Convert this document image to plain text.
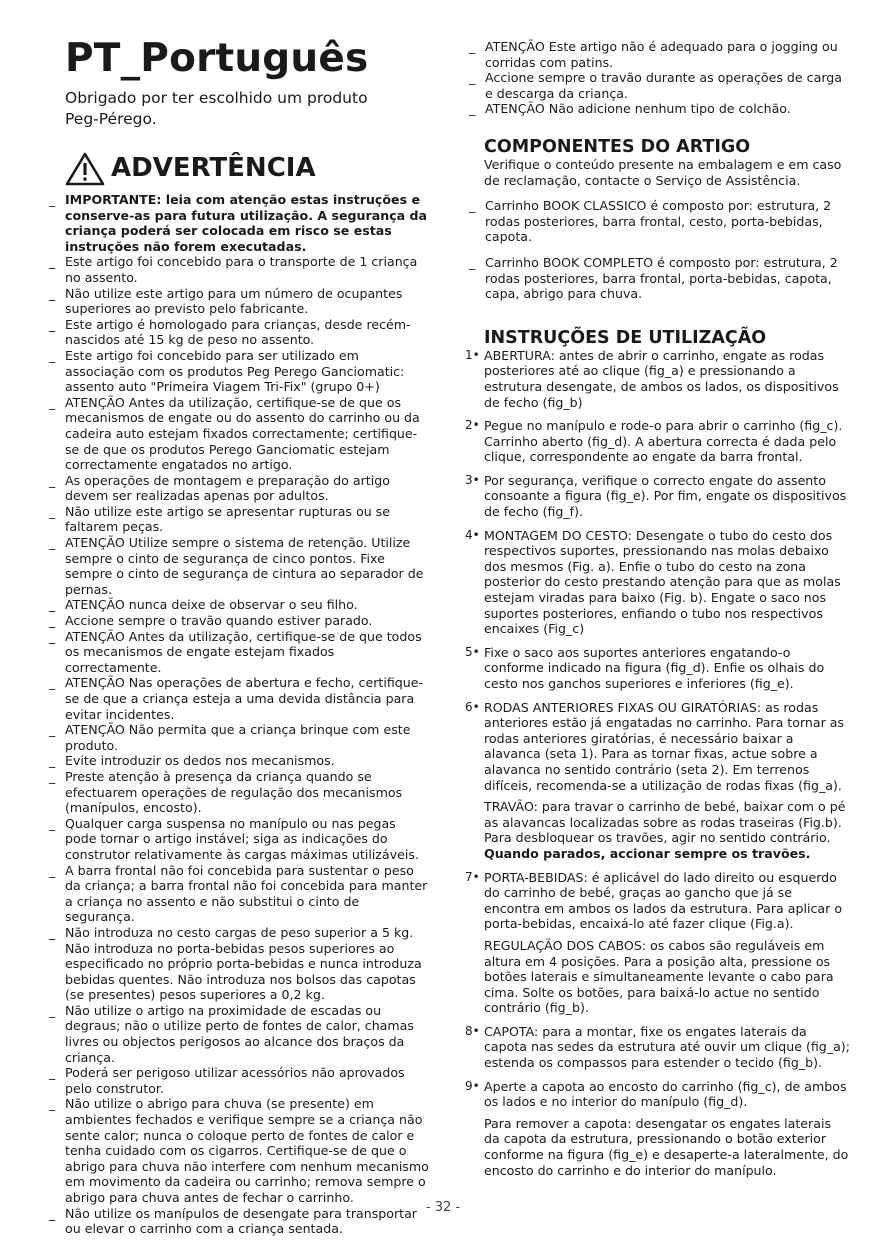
PT_Português
Obrigado por ter escolhido um produto Peg-Pérego.
ADVERTÊNCIA
_ IMPORTANTE: leia com atenção estas instruções e conserve-as para futura utilização. A segurança da criança poderá ser colocada em risco se estas instruções não forem executadas.
_ Este artigo foi concebido para o transporte de 1 criança no assento.
_ Não utilize este artigo para um número de ocupantes superiores ao previsto pelo fabricante.
_ Este artigo é homologado para crianças, desde recém-nascidos até 15 kg de peso no assento.
_ Este artigo foi concebido para ser utilizado em associação com os produtos Peg Perego Ganciomatic: assento auto "Primeira Viagem Tri-Fix" (grupo 0+)
_ ATENÇÃO Antes da utilização, certifique-se de que os mecanismos de engate ou do assento do carrinho ou da cadeira auto estejam fixados correctamente; certifique-se de que os produtos Perego Ganciomatic estejam correctamente engatados no artigo.
_ As operações de montagem e preparação do artigo devem ser realizadas apenas por adultos.
_ Não utilize este artigo se apresentar rupturas ou se faltarem peças.
_ ATENÇÃO Utilize sempre o sistema de retenção. Utilize sempre o cinto de segurança de cinco pontos. Fixe sempre o cinto de segurança de cintura ao separador de pernas.
_ ATENÇÃO nunca deixe de observar o seu filho.
_ Accione sempre o travão quando estiver parado.
_ ATENÇÃO Antes da utilização, certifique-se de que todos os mecanismos de engate estejam fixados correctamente.
_ ATENÇÃO Nas operações de abertura e fecho, certifique-se de que a criança esteja a uma devida distância para evitar incidentes.
_ ATENÇÃO Não permita que a criança brinque com este produto.
_ Evite introduzir os dedos nos mecanismos.
_ Preste atenção à presença da criança quando se efectuarem operações de regulação dos mecanismos (manípulos, encosto).
_ Qualquer carga suspensa no manípulo ou nas pegas pode tornar o artigo instável; siga as indicações do construtor relativamente às cargas máximas utilizáveis.
_ A barra frontal não foi concebida para sustentar o peso da criança; a barra frontal não foi concebida para manter a criança no assento e não substitui o cinto de segurança.
_ Não introduza no cesto cargas de peso superior a 5 kg. Não introduza no porta-bebidas pesos superiores ao especificado no próprio porta-bebidas e nunca introduza bebidas quentes. Não introduza nos bolsos das capotas (se presentes) pesos superiores a 0,2 kg.
_ Não utilize o artigo na proximidade de escadas ou degraus; não o utilize perto de fontes de calor, chamas livres ou objectos perigosos ao alcance dos braços da criança.
_ Poderá ser perigoso utilizar acessórios não aprovados pelo construtor.
_ Não utilize o abrigo para chuva (se presente) em ambientes fechados e verifique sempre se a criança não sente calor; nunca o coloque perto de fontes de calor e tenha cuidado com os cigarros. Certifique-se de que o abrigo para chuva não interfere com nenhum mecanismo em movimento da cadeira ou carrinho; remova sempre o abrigo para chuva antes de fechar o carrinho.
_ Não utilize os manípulos de desengate para transportar ou elevar o carrinho com a criança sentada.
_ ATENÇÃO Este artigo não é adequado para o jogging ou corridas com patins.
_ Accione sempre o travão durante as operações de carga e descarga da criança.
_ ATENÇÃO Não adicione nenhum tipo de colchão.
COMPONENTES DO ARTIGO
Verifique o conteúdo presente na embalagem e em caso de reclamação, contacte o Serviço de Assistência.
_ Carrinho BOOK CLASSICO é composto por: estrutura, 2 rodas posteriores, barra frontal, cesto, porta-bebidas, capota.
_ Carrinho BOOK COMPLETO é composto por: estrutura, 2 rodas posteriores, barra frontal, porta-bebidas, capota, capa, abrigo para chuva.
INSTRUÇÕES DE UTILIZAÇÃO
1• ABERTURA: antes de abrir o carrinho, engate as rodas posteriores até ao clique (fig_a) e pressionando a estrutura desengate, de ambos os lados, os dispositivos de fecho (fig_b)
2• Pegue no manípulo e rode-o para abrir o carrinho (fig_c). Carrinho aberto (fig_d). A abertura correcta é dada pelo clique, correspondente ao engate da barra frontal.
3• Por segurança, verifique o correcto engate do assento consoante a figura (fig_e). Por fim, engate os dispositivos de fecho (fig_f).
4• MONTAGEM DO CESTO: Desengate o tubo do cesto dos respectivos suportes, pressionando nas molas debaixo dos mesmos (Fig. a). Enfie o tubo do cesto na zona posterior do cesto prestando atenção para que as molas estejam viradas para baixo (Fig. b). Engate o saco nos suportes posteriores, enfiando o tubo nos respectivos encaixes (Fig_c)
5• Fixe o saco aos suportes anteriores engatando-o conforme indicado na figura (fig_d). Enfie os olhais do cesto nos ganchos superiores e inferiores (fig_e).
6• RODAS ANTERIORES FIXAS OU GIRATÓRIAS: as rodas anteriores estão já engatadas no carrinho. Para tornar as rodas anteriores giratórias, é necessário baixar a alavanca (seta 1). Para as tornar fixas, actue sobre a alavanca no sentido contrário (seta 2). Em terrenos difíceis, recomenda-se a utilização de rodas fixas (fig_a).
TRAVÃO: para travar o carrinho de bebé, baixar com o pé as alavancas localizadas sobre as rodas traseiras (Fig.b). Para desbloquear os travões, agir no sentido contrário.
Quando parados, accionar sempre os travões.
7• PORTA-BEBIDAS: é aplicável do lado direito ou esquerdo do carrinho de bebé, graças ao gancho que já se encontra em ambos os lados da estrutura. Para aplicar o porta-bebidas, encaixá-lo até fazer clique (Fig.a).
REGULAÇÃO DOS CABOS: os cabos são reguláveis em altura em 4 posições. Para a posição alta, pressione os botões laterais e simultaneamente levante o cabo para cima. Solte os botões, para baixá-lo actue no sentido contrário (fig_b).
8• CAPOTA: para a montar, fixe os engates laterais da capota nas sedes da estrutura até ouvir um clique (fig_a); estenda os compassos para estender o tecido (fig_b).
9• Aperte a capota ao encosto do carrinho (fig_c), de ambos os lados e no interior do manípulo (fig_d).
Para remover a capota: desengatar os engates laterais da capota da estrutura, pressionando o botão exterior conforme na figura (fig_e) e desaperte-a lateralmente, do encosto do carrinho e do interior do manípulo.
- 32 -
